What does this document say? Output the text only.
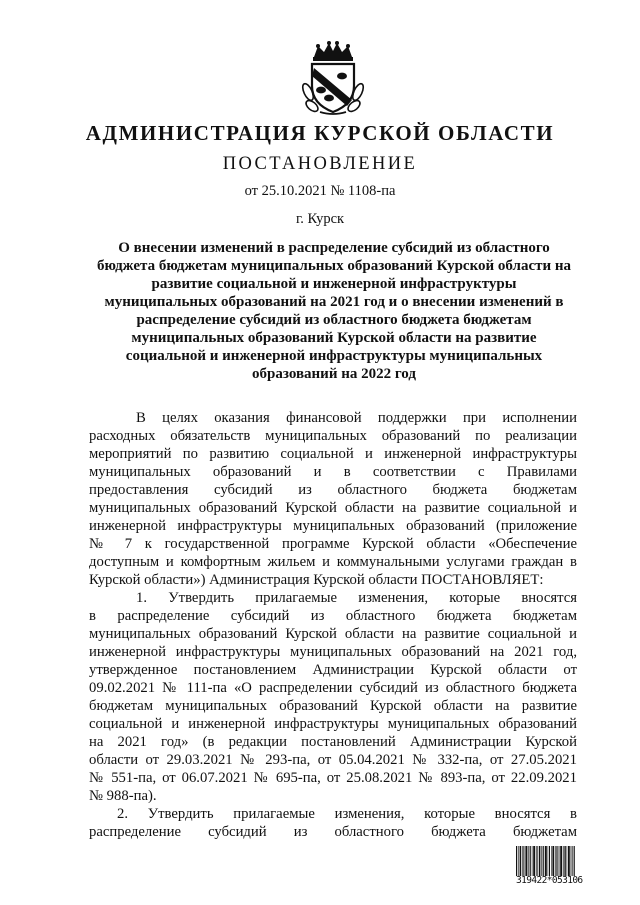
АДМИНИСТРАЦИЯ КУРСКОЙ ОБЛАСТИ
ПОСТАНОВЛЕНИЕ
от 25.10.2021 № 1108-па
г. Курск
О внесении изменений в распределение субсидий из областного
бюджета бюджетам муниципальных образований Курской области на
развитие социальной и инженерной инфраструктуры
муниципальных образований на 2021 год и о внесении изменений в
распределение субсидий из областного бюджета бюджетам
муниципальных образований Курской области на развитие
социальной и инженерной инфраструктуры муниципальных
образований на 2022 год
В целях оказания финансовой поддержки при исполнении
расходных обязательств муниципальных образований по реализации
мероприятий по развитию социальной и инженерной инфраструктуры
муниципальных образований и в соответствии с Правилами
предоставления субсидий из областного бюджета бюджетам
муниципальных образований Курской области на развитие социальной и
инженерной инфраструктуры муниципальных образований (приложение
№ 7 к государственной программе Курской области «Обеспечение
доступным и комфортным жильем и коммунальными услугами граждан в
Курской области») Администрация Курской области ПОСТАНОВЛЯЕТ:
1. Утвердить прилагаемые изменения, которые вносятся
в распределение субсидий из областного бюджета бюджетам
муниципальных образований Курской области на развитие социальной и
инженерной инфраструктуры муниципальных образований на 2021 год,
утвержденное постановлением Администрации Курской области от
09.02.2021 № 111-па «О распределении субсидий из областного бюджета
бюджетам муниципальных образований Курской области на развитие
социальной и инженерной инфраструктуры муниципальных образований
на 2021 год» (в редакции постановлений Администрации Курской
области от 29.03.2021 № 293-па, от 05.04.2021 № 332-па, от 27.05.2021
№ 551-па, от 06.07.2021 № 695-па, от 25.08.2021 № 893-па, от 22.09.2021
№ 988-па).
2. Утвердить прилагаемые изменения, которые вносятся в
распределение субсидий из областного бюджета бюджетам
319422*053106
